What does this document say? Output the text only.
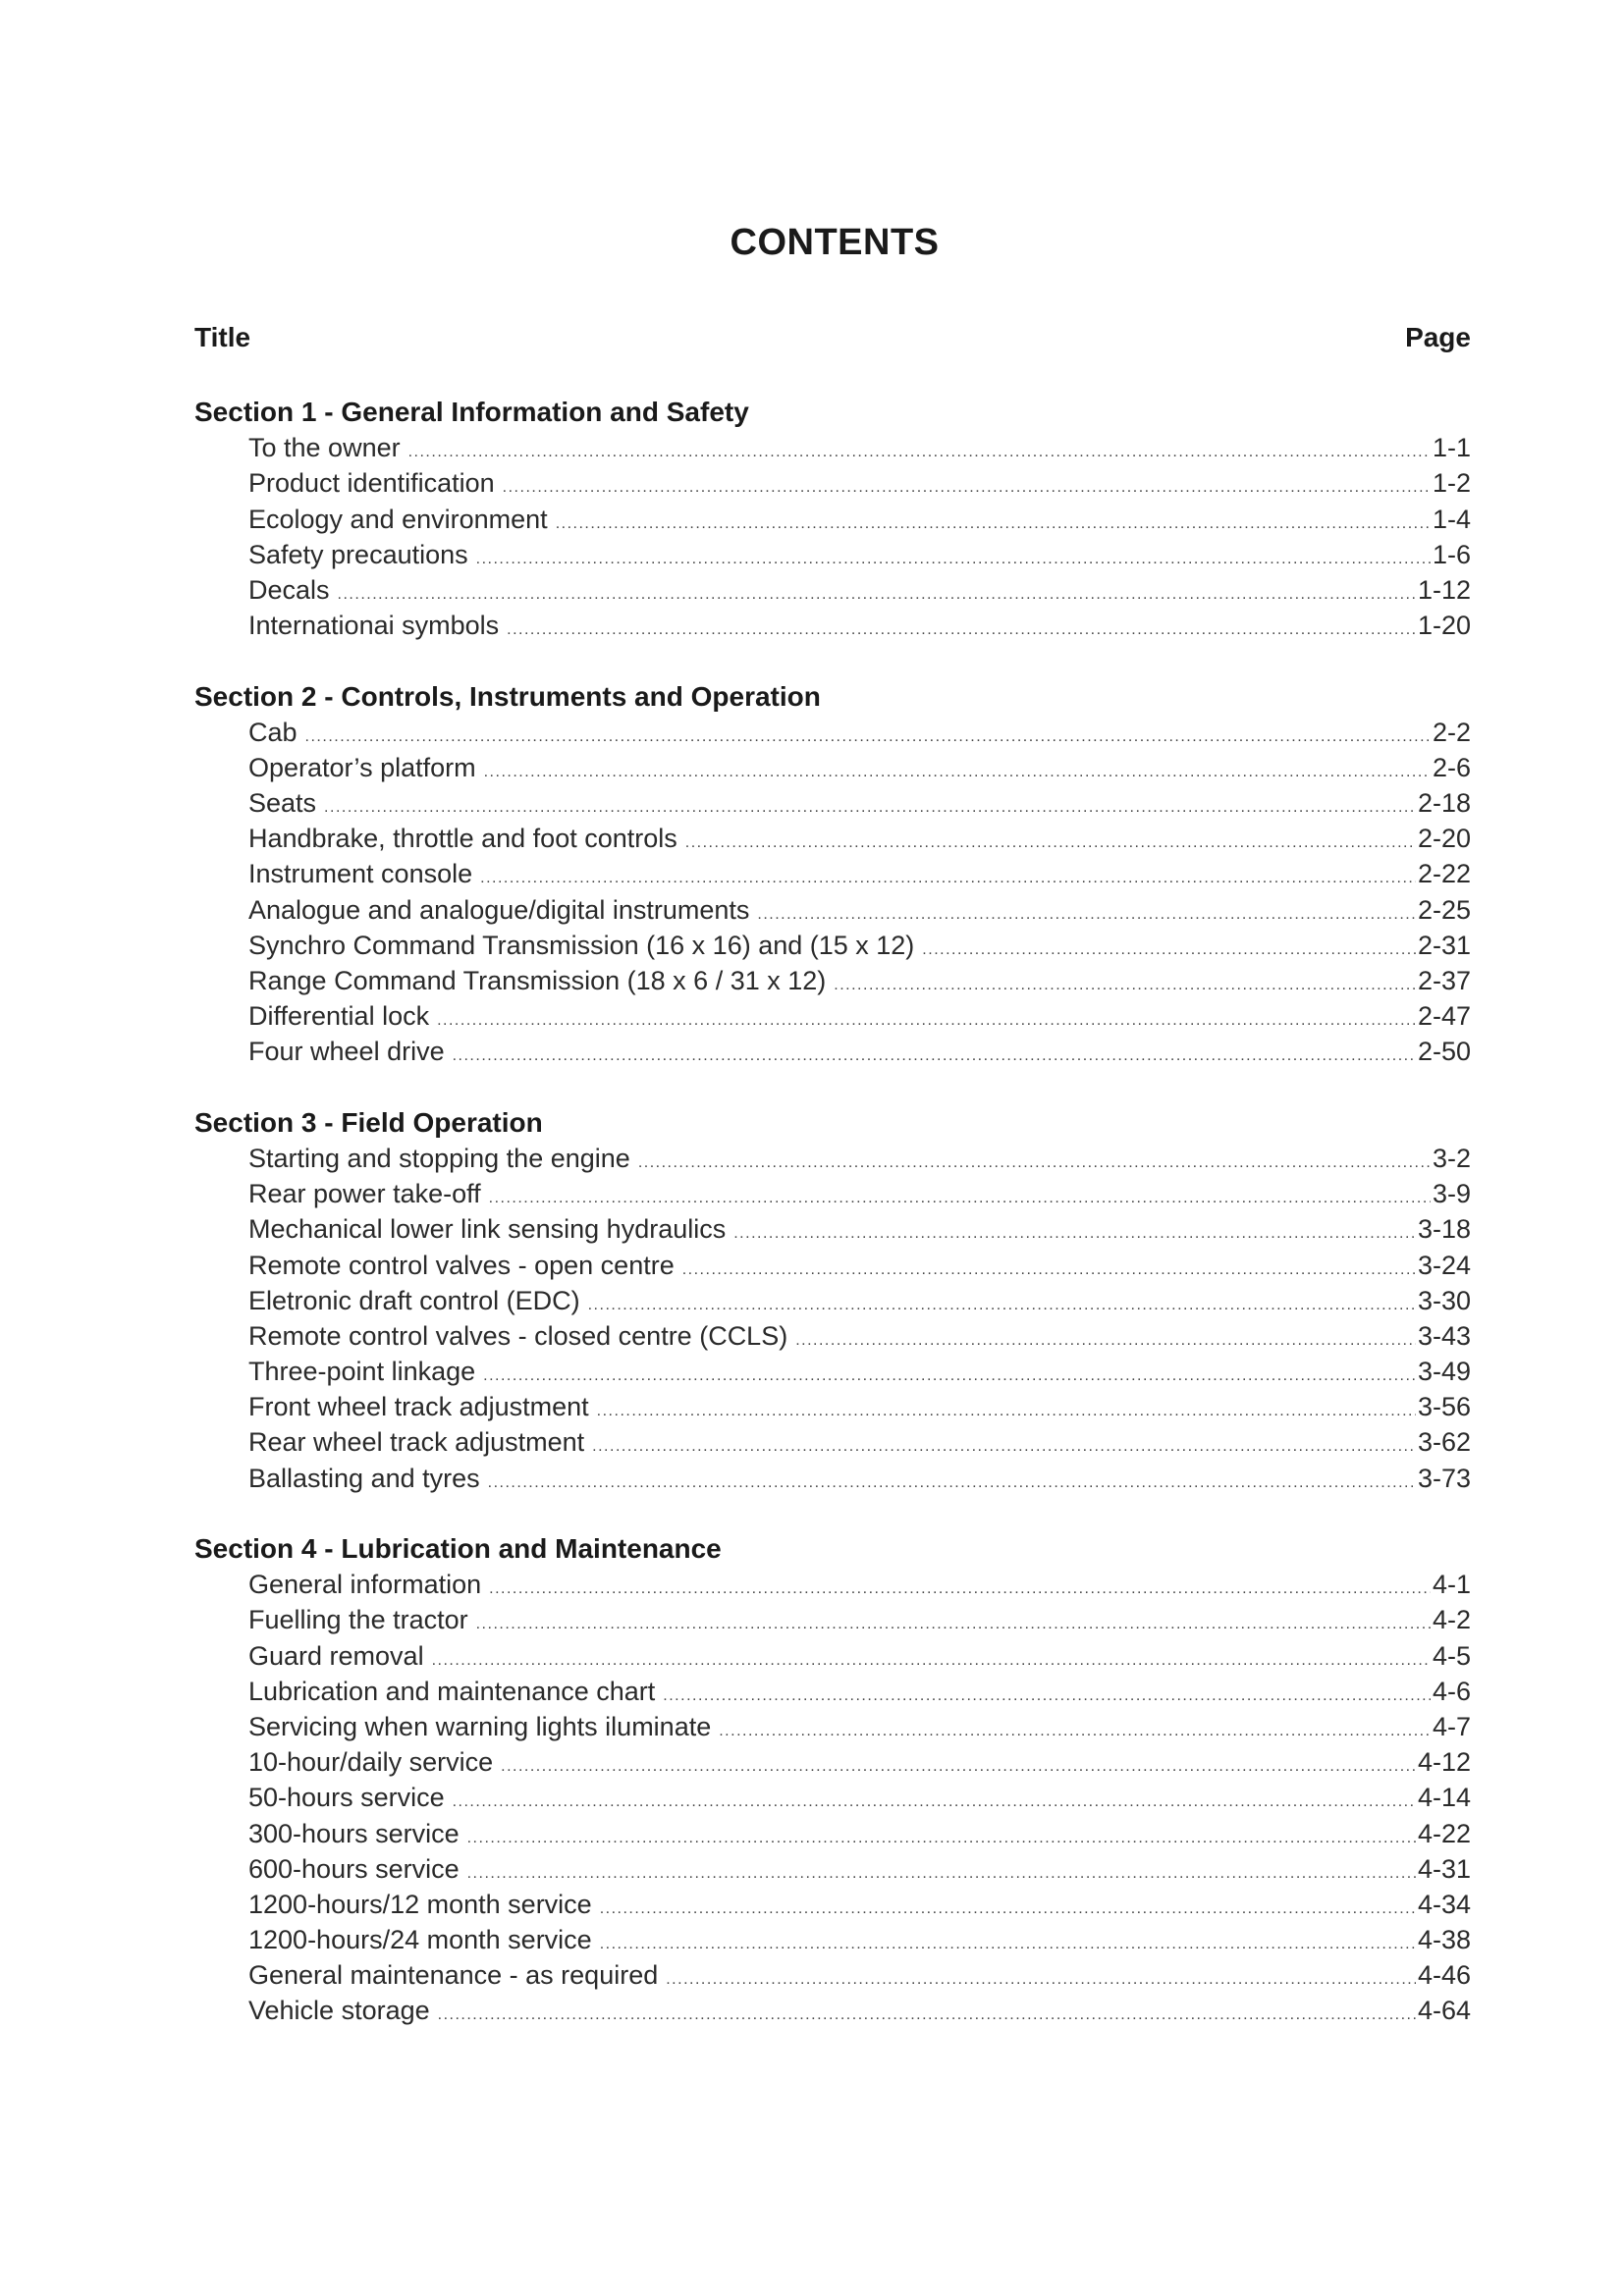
CONTENTS
Title	Page
Section 1 - General Information and Safety
To the owner .....	1-1
Product identification .....	1-2
Ecology and environment .....	1-4
Safety precautions .....	1-6
Decals .....	1-12
Internationai symbols .....	1-20
Section 2 - Controls, Instruments and Operation
Cab .....	2-2
Operator’s platform .....	2-6
Seats .....	2-18
Handbrake, throttle and foot controls .....	2-20
Instrument console .....	2-22
Analogue and analogue/digital instruments .....	2-25
Synchro Command Transmission (16 x 16) and (15 x 12) .....	2-31
Range Command Transmission (18 x 6 / 31 x 12) .....	2-37
Differential lock .....	2-47
Four wheel drive .....	2-50
Section 3 - Field Operation
Starting and stopping the engine .....	3-2
Rear power take-off .....	3-9
Mechanical lower link sensing hydraulics .....	3-18
Remote control valves - open centre .....	3-24
Eletronic draft control (EDC) .....	3-30
Remote control valves - closed centre (CCLS) .....	3-43
Three-point linkage .....	3-49
Front wheel track adjustment .....	3-56
Rear wheel track adjustment .....	3-62
Ballasting and tyres .....	3-73
Section 4 - Lubrication and Maintenance
General information .....	4-1
Fuelling the tractor .....	4-2
Guard removal .....	4-5
Lubrication and maintenance chart .....	4-6
Servicing when warning lights iluminate .....	4-7
10-hour/daily service .....	4-12
50-hours service .....	4-14
300-hours service .....	4-22
600-hours service .....	4-31
1200-hours/12 month service .....	4-34
1200-hours/24 month service .....	4-38
General maintenance - as required .....	4-46
Vehicle storage .....	4-64
